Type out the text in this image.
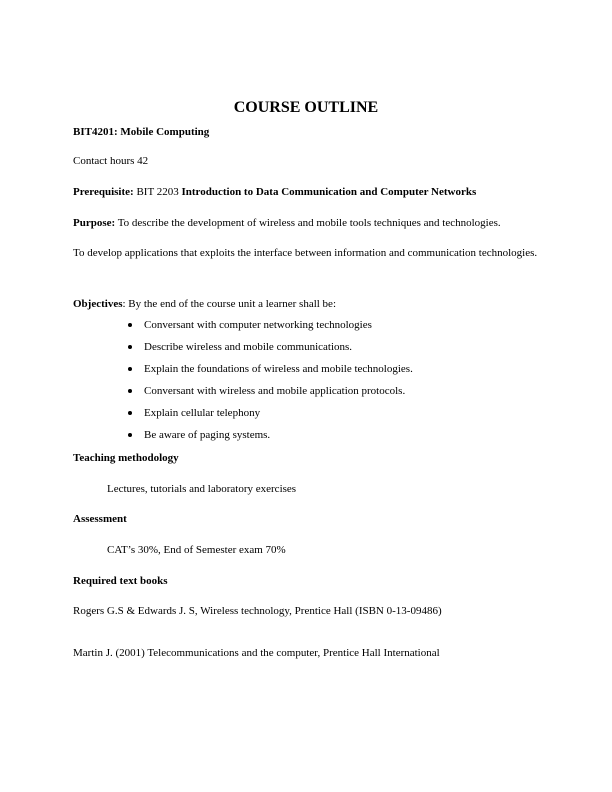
COURSE OUTLINE
BIT4201: Mobile Computing
Contact hours 42
Prerequisite: BIT 2203 Introduction to Data Communication and Computer Networks
Purpose: To describe the development of wireless and mobile tools techniques and technologies.
To develop applications that exploits the interface between information and communication technologies.
Objectives: By the end of the course unit a learner shall be:
Conversant with computer networking technologies
Describe wireless and mobile communications.
Explain the foundations of wireless and mobile technologies.
Conversant with wireless and mobile application protocols.
Explain cellular telephony
Be aware of paging systems.
Teaching methodology
Lectures, tutorials and laboratory exercises
Assessment
CAT’s 30%, End of Semester exam 70%
Required text books
Rogers G.S & Edwards J. S, Wireless technology, Prentice Hall (ISBN 0-13-09486)
Martin J. (2001) Telecommunications and the computer, Prentice Hall International
